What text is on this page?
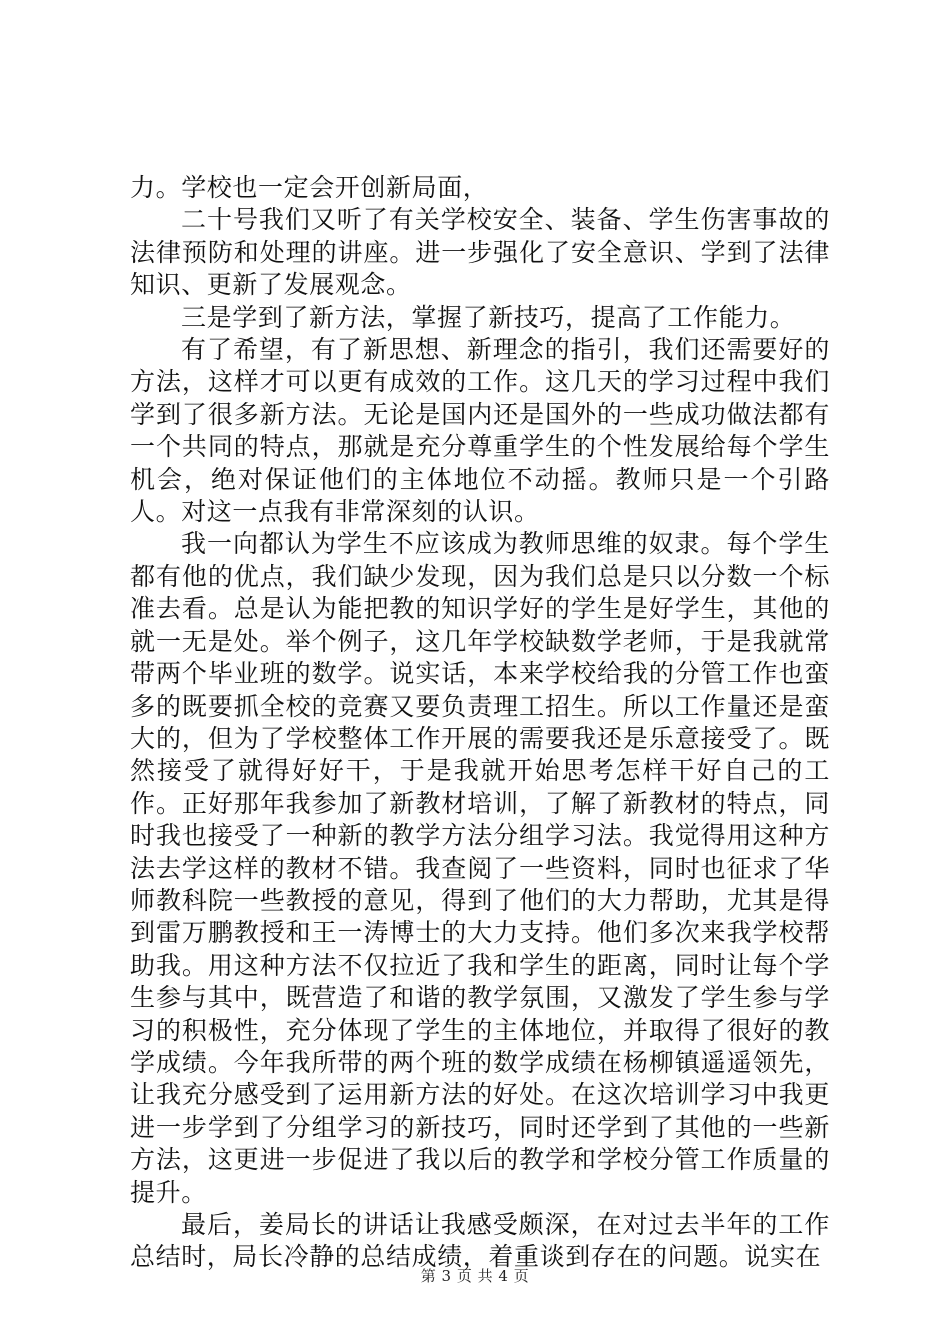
力。学校也一定会开创新局面，

二十号我们又听了有关学校安全、装备、学生伤害事故的法律预防和处理的讲座。进一步强化了安全意识、学到了法律知识、更新了发展观念。

三是学到了新方法，掌握了新技巧，提高了工作能力。

有了希望，有了新思想、新理念的指引，我们还需要好的方法，这样才可以更有成效的工作。这几天的学习过程中我们学到了很多新方法。无论是国内还是国外的一些成功做法都有一个共同的特点，那就是充分尊重学生的个性发展给每个学生机会，绝对保证他们的主体地位不动摇。教师只是一个引路人。对这一点我有非常深刻的认识。

我一向都认为学生不应该成为教师思维的奴隶。每个学生都有他的优点，我们缺少发现，因为我们总是只以分数一个标准去看。总是认为能把教的知识学好的学生是好学生，其他的就一无是处。举个例子，这几年学校缺数学老师，于是我就常带两个毕业班的数学。说实话，本来学校给我的分管工作也蛮多的既要抓全校的竞赛又要负责理工招生。所以工作量还是蛮大的，但为了学校整体工作开展的需要我还是乐意接受了。既然接受了就得好好干，于是我就开始思考怎样干好自己的工作。正好那年我参加了新教材培训，了解了新教材的特点，同时我也接受了一种新的教学方法分组学习法。我觉得用这种方法去学这样的教材不错。我查阅了一些资料，同时也征求了华师教科院一些教授的意见，得到了他们的大力帮助，尤其是得到雷万鹏教授和王一涛博士的大力支持。他们多次来我学校帮助我。用这种方法不仅拉近了我和学生的距离，同时让每个学生参与其中，既营造了和谐的教学氛围，又激发了学生参与学习的积极性，充分体现了学生的主体地位，并取得了很好的教学成绩。今年我所带的两个班的数学成绩在杨柳镇遥遥领先，让我充分感受到了运用新方法的好处。在这次培训学习中我更进一步学到了分组学习的新技巧，同时还学到了其他的一些新方法，这更进一步促进了我以后的教学和学校分管工作质量的提升。

最后，姜局长的讲话让我感受颇深，在对过去半年的工作总结时，局长冷静的总结成绩，着重谈到存在的问题。说实在

第 3 页 共 4 页
